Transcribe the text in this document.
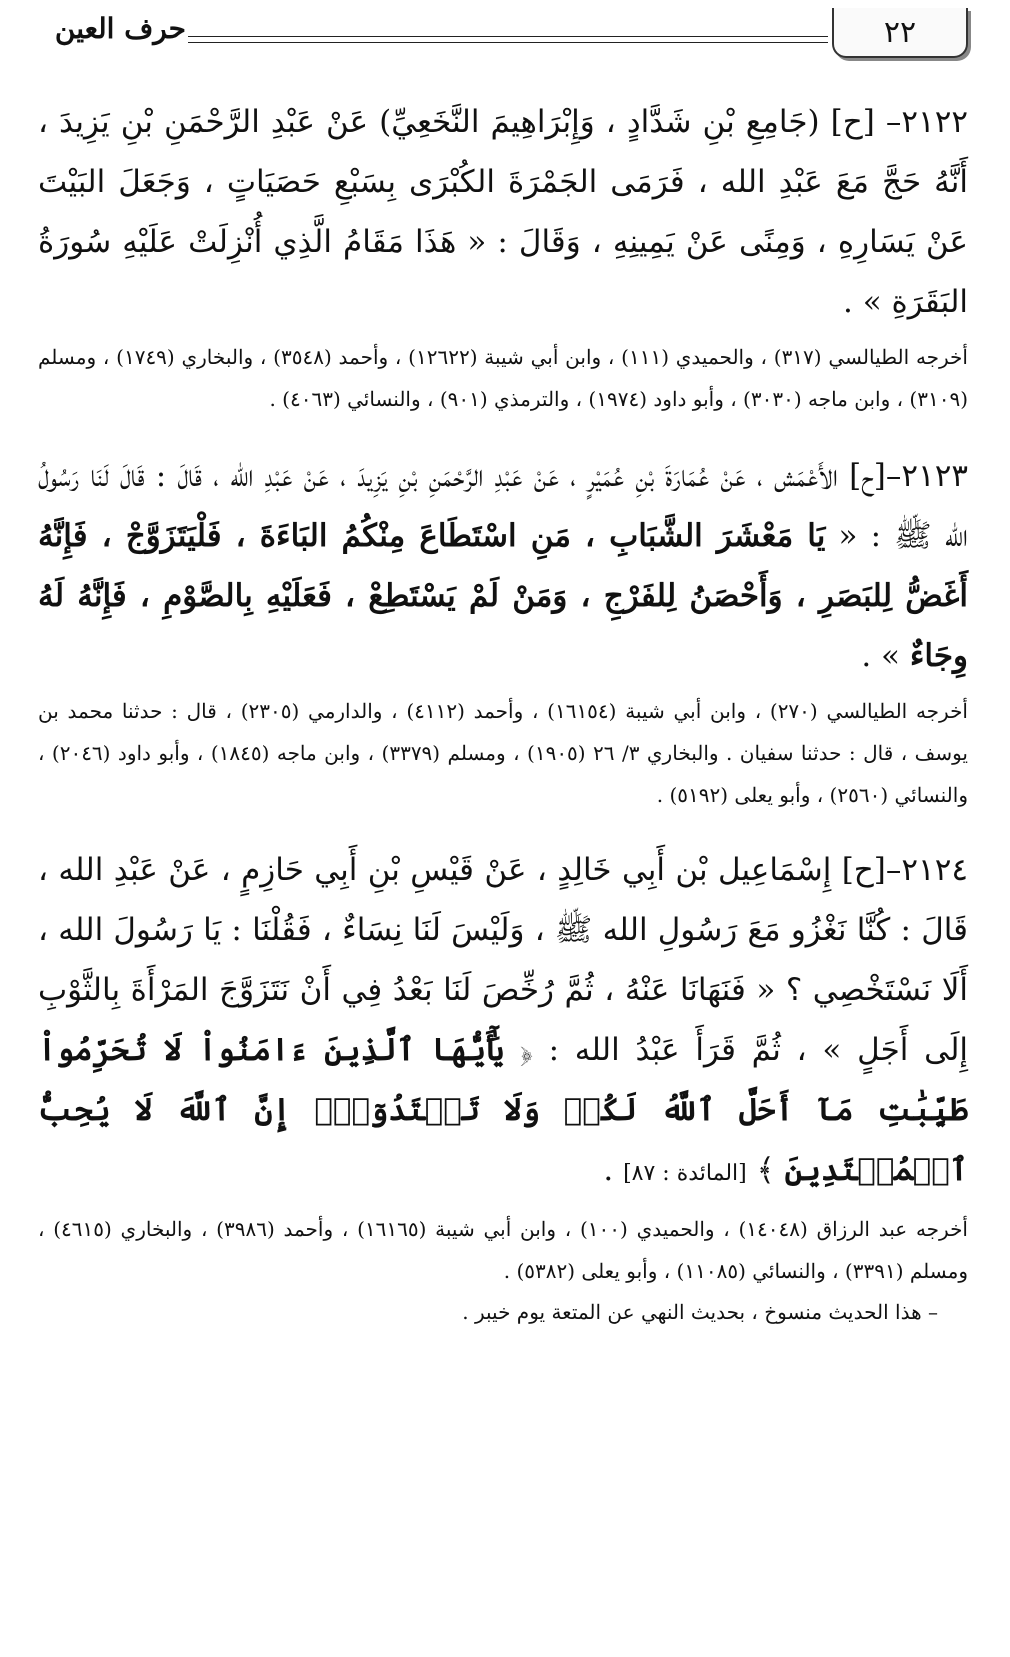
٢٢
حرف العين

٢١٢٢– [ح] (جَامِعِ بْنِ شَدَّادٍ ، وَإِبْرَاهِيمَ النَّخَعِيِّ) عَنْ عَبْدِ الرَّحْمَنِ بْنِ يَزِيدَ ، أَنَّهُ حَجَّ مَعَ عَبْدِ الله ، فَرَمَى الجَمْرَةَ الكُبْرَى بِسَبْعِ حَصَيَاتٍ ، وَجَعَلَ البَيْتَ عَنْ يَسَارِهِ ، وَمِنًى عَنْ يَمِينِهِ ، وَقَالَ : « هَذَا مَقَامُ الَّذِي أُنْزِلَتْ عَلَيْهِ سُورَةُ البَقَرَةِ » .

أخرجه الطيالسي (٣١٧) ، والحميدي (١١١) ، وابن أبي شيبة (١٢٦٢٢) ، وأحمد (٣٥٤٨) ، والبخاري (١٧٤٩) ، ومسلم (٣١٠٩) ، وابن ماجه (٣٠٣٠) ، وأبو داود (١٩٧٤) ، والترمذي (٩٠١) ، والنسائي (٤٠٦٣) .

٢١٢٣–[ح] الأَعْمَش ، عَنْ عُمَارَةَ بْنِ عُمَيْرٍ ، عَنْ عَبْدِ الرَّحْمَنِ بْنِ يَزِيدَ ، عَنْ عَبْدِ الله ، قَالَ : قَالَ لَنَا رَسُولُ الله ﷺ : « يَا مَعْشَرَ الشَّبَابِ ، مَنِ اسْتَطَاعَ مِنْكُمُ البَاءَةَ ، فَلْيَتَزَوَّجْ ، فَإِنَّهُ أَغَضُّ لِلبَصَرِ ، وَأَحْصَنُ لِلفَرْجِ ، وَمَنْ لَمْ يَسْتَطِعْ ، فَعَلَيْهِ بِالصَّوْمِ ، فَإِنَّهُ لَهُ وِجَاءٌ » .

أخرجه الطيالسي (٢٧٠) ، وابن أبي شيبة (١٦١٥٤) ، وأحمد (٤١١٢) ، والدارمي (٢٣٠٥) ، قال : حدثنا محمد بن يوسف ، قال : حدثنا سفيان . والبخاري ٣/ ٢٦ (١٩٠٥) ، ومسلم (٣٣٧٩) ، وابن ماجه (١٨٤٥) ، وأبو داود (٢٠٤٦) ، والنسائي (٢٥٦٠) ، وأبو يعلى (٥١٩٢) .

٢١٢٤–[ح] إِسْمَاعِيل بْن أَبِي خَالِدٍ ، عَنْ قَيْسِ بْنِ أَبِي حَازِمٍ ، عَنْ عَبْدِ الله ، قَالَ : كُنَّا نَغْزُو مَعَ رَسُولِ الله ﷺ ، وَلَيْسَ لَنَا نِسَاءٌ ، فَقُلْنَا : يَا رَسُولَ الله ، أَلَا نَسْتَخْصِي ؟ « فَنَهَانَا عَنْهُ ، ثُمَّ رُخِّصَ لَنَا بَعْدُ فِي أَنْ نَتَزَوَّجَ المَرْأَةَ بِالثَّوْبِ إِلَى أَجَلٍ » ، ثُمَّ قَرَأَ عَبْدُ الله : ﴿ يَٰٓأَيُّهَا ٱلَّذِينَ ءَامَنُواْ لَا تُحَرِّمُواْ طَيِّبَٰتِ مَآ أَحَلَّ ٱللَّهُ لَكُمۡ وَلَا تَعۡتَدُوٓاْۚ إِنَّ ٱللَّهَ لَا يُحِبُّ ٱلۡمُعۡتَدِينَ ﴾ [المائدة : ٨٧] .

أخرجه عبد الرزاق (١٤٠٤٨) ، والحميدي (١٠٠) ، وابن أبي شيبة (١٦١٦٥) ، وأحمد (٣٩٨٦) ، والبخاري (٤٦١٥) ، ومسلم (٣٣٩١) ، والنسائي (١١٠٨٥) ، وأبو يعلى (٥٣٨٢) .

– هذا الحديث منسوخ ، بحديث النهي عن المتعة يوم خيبر .
